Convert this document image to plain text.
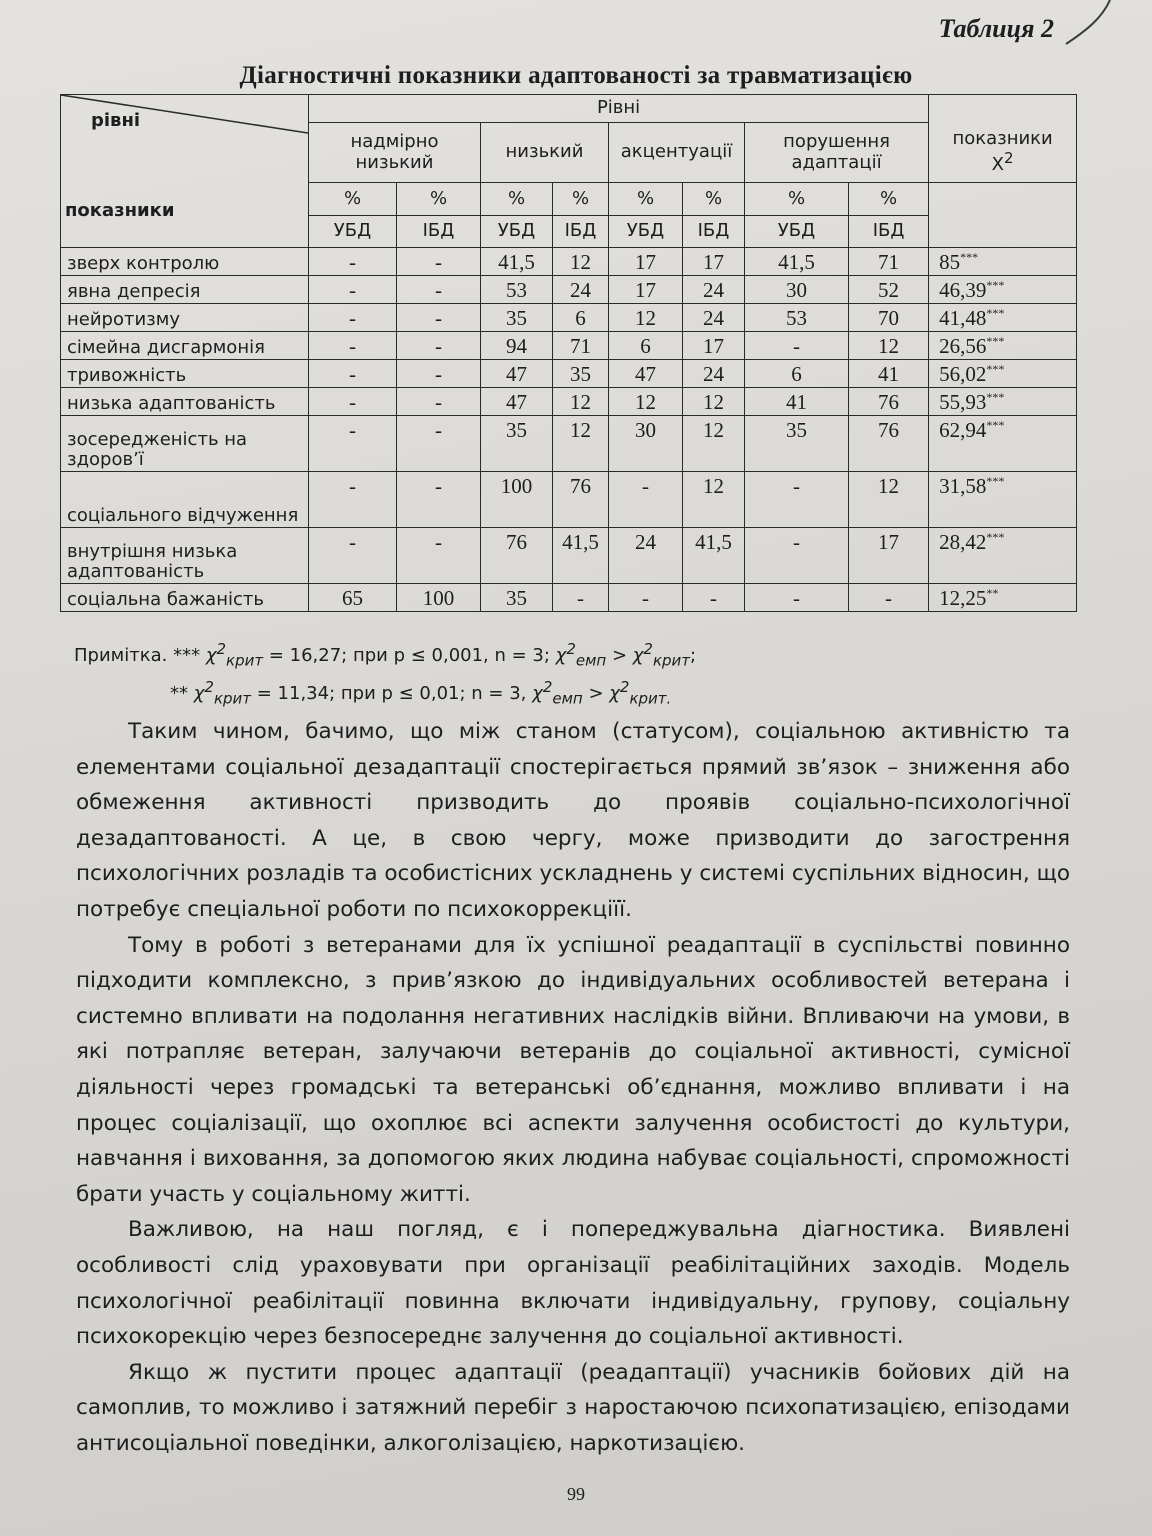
Таблиця 2
Діагностичні показники адаптованості за травматизацією
рівні
показники	Рівні								
	надмірно низький		низький		акцентуації		порушення адаптації		показники
$X^2$
	%	%	%	%	%	%	%	%	
	УБД	ІБД	УБД	ІБД	УБД	ІБД	УБД	ІБД	
зверх контролю	-	-	41,5	12	17	17	41,5	71	85***
явна депресія	-	-	53	24	17	24	30	52	46,39***
нейротизму	-	-	35	6	12	24	53	70	41,48***
сімейна дисгармонія	-	-	94	71	6	17	-	12	26,56***
тривожність	-	-	47	35	47	24	6	41	56,02***
низька адаптованість	-	-	47	12	12	12	41	76	55,93***
зосередженість на здоров’ї	-	-	35	12	30	12	35	76	62,94***
соціального відчуження	-	-	100	76	-	12	-	12	31,58***
внутрішня низька адаптованість	-	-	76	41,5	24	41,5	-	17	28,42***
соціальна бажаність	65	100	35	-	-	-	-	-	12,25**
Примітка. *** $\chi^2_{крит} = 16,27$; при p ≤ 0,001, n = 3; $\chi^2_{емп} > \chi^2_{крит}$;
** $\chi^2_{крит} = 11,34$; при p ≤ 0,01; n = 3, $\chi^2_{емп} > \chi^2_{крит.}$

Таким чином, бачимо, що між станом (статусом), соціальною активністю та елементами соціальної дезадаптації спостерігається прямий зв’язок – зниження або обмеження активності призводить до проявів соціально-психологічної дезадаптованості. А це, в свою чергу, може призводити до загострення психологічних розладів та особистісних ускладнень у системі суспільних відносин, що потребує спеціальної роботи по психокоррекціїї.

Тому в роботі з ветеранами для їх успішної реадаптації в суспільстві повинно підходити комплексно, з прив’язкою до індивідуальних особливостей ветерана і системно впливати на подолання негативних наслідків війни. Впливаючи на умови, в які потрапляє ветеран, залучаючи ветеранів до соціальної активності, сумісної діяльності через громадські та ветеранські об’єднання, можливо впливати і на процес соціалізації, що охоплює всі аспекти залучення особистості до культури, навчання і виховання, за допомогою яких людина набуває соціальності, спроможності брати участь у соціальному житті.

Важливою, на наш погляд, є і попереджувальна діагностика. Виявлені особливості слід ураховувати при організації реабілітаційних заходів. Модель психологічної реабілітації повинна включати індивідуальну, групову, соціальну психокорекцію через безпосереднє залучення до соціальної активності.

Якщо ж пустити процес адаптації (реадаптації) учасників бойових дій на самоплив, то можливо і затяжний перебіг з наростаючою психопатизацією, епізодами антисоціальної поведінки, алкоголізацією, наркотизацією.

99
